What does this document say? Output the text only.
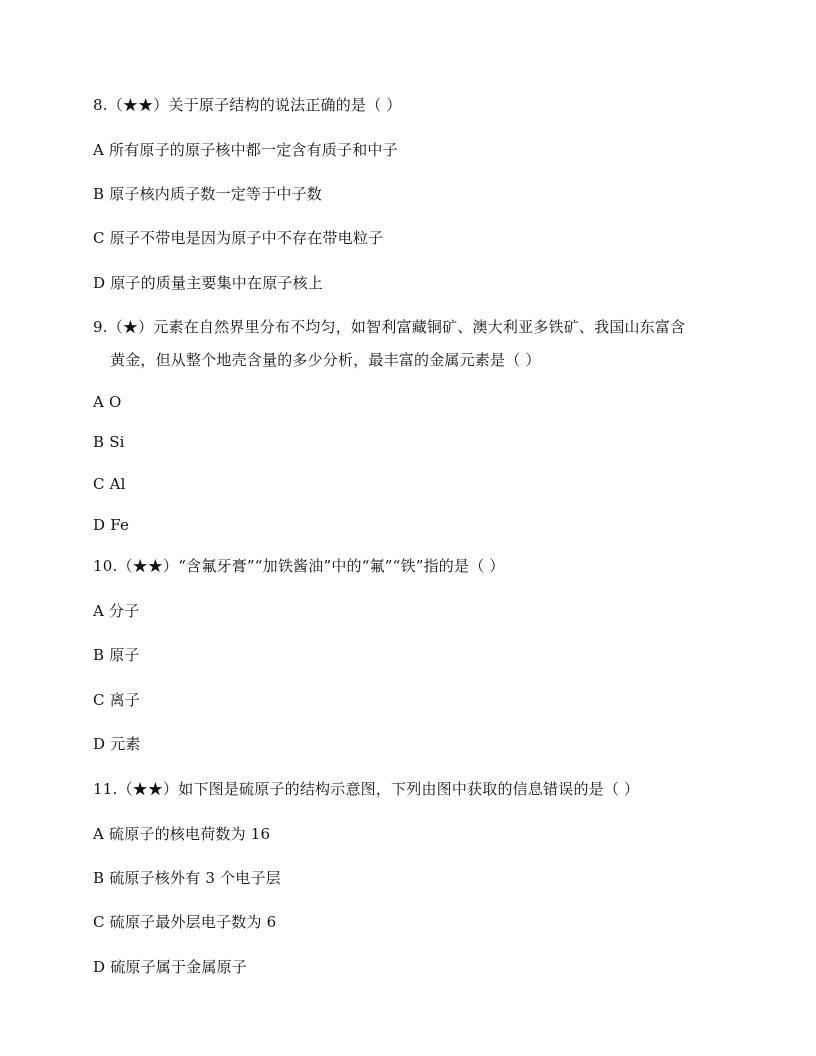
8.（★★）关于原子结构的说法正确的是（ ）
A 所有原子的原子核中都一定含有质子和中子
B 原子核内质子数一定等于中子数
C 原子不带电是因为原子中不存在带电粒子
D 原子的质量主要集中在原子核上
9.（★）元素在自然界里分布不均匀，如智利富藏铜矿、澳大利亚多铁矿、我国山东富含
黄金，但从整个地壳含量的多少分析，最丰富的金属元素是（ ）
A O
B Si
C Al
D Fe
10.（★★）“含氟牙膏”“加铁酱油”中的“氟”“铁”指的是（ ）
A 分子
B 原子
C 离子
D 元素
11.（★★）如下图是硫原子的结构示意图，下列由图中获取的信息错误的是（ ）
A 硫原子的核电荷数为 16
B 硫原子核外有 3 个电子层
C 硫原子最外层电子数为 6
D 硫原子属于金属原子
